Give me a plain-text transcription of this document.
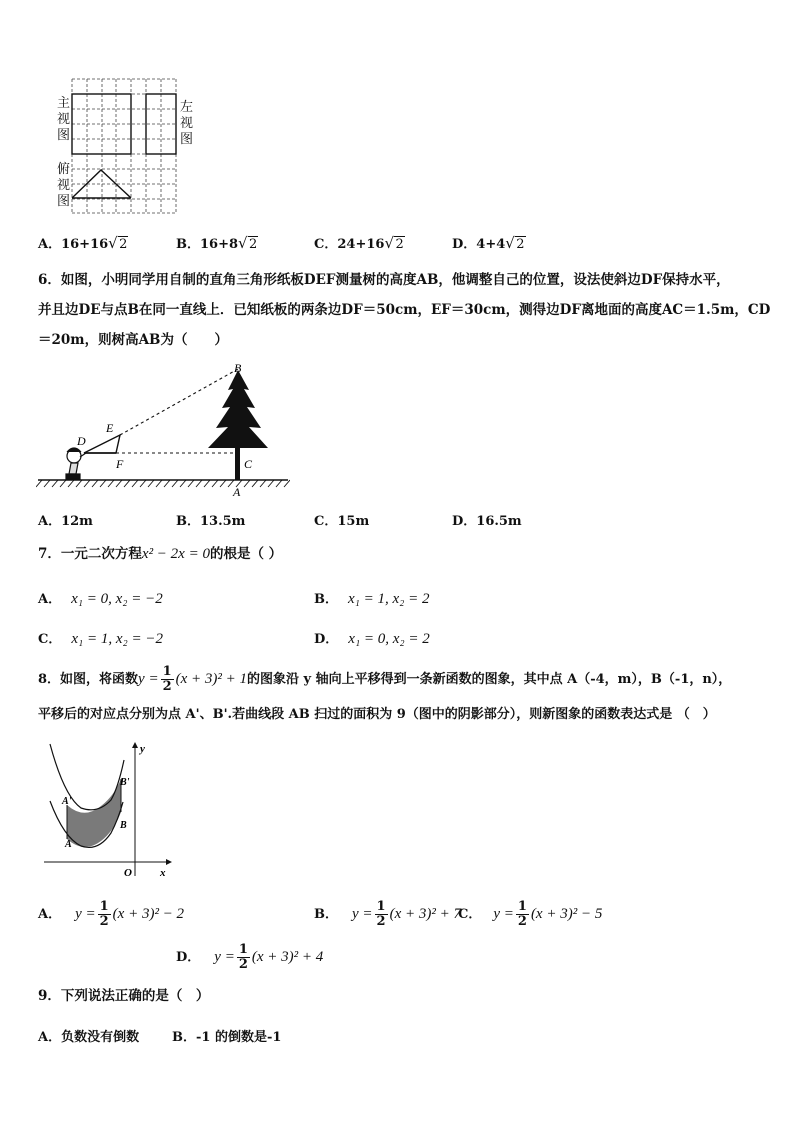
主视图
左视图
俯视图
A．16+16 √ 2	B．16+8 √ 2	C．24+16 √ 2	D．4+4 √ 2
6．如图，小明同学用自制的直角三角形纸板DEF测量树的高度AB，他调整自己的位置，设法使斜边DF保持水平，
并且边DE与点B在同一直线上．已知纸板的两条边DF＝50cm，EF＝30cm，测得边DF离地面的高度AC＝1.5m，CD
＝20m，则树高AB为（　　）
B
E
D
F	C
A
A．12m	B．13.5m	C．15m	D．16.5m
7．一元二次方程x² − 2x = 0的根是（ ）
A． x₁ = 0, x₂ = −2	B． x₁ = 1, x₂ = 2
C． x₁ = 1, x₂ = −2	D． x₁ = 0, x₂ = 2
8．如图，将函数$y = \frac{1}{2} (x + 3)^2 + 1$的图象沿 y 轴向上平移得到一条新函数的图象，其中点 A（-4，m），B（-1，n），
平移后的对应点分别为点 A'、B'.若曲线段 AB 扫过的面积为 9（图中的阴影部分），则新图象的函数表达式是 （　）
y
x
O
A'
A
B'
B
A． $y = \frac{1}{2} (x + 3)^2 - 2$	B． $y = \frac{1}{2} (x + 3)^2 + 7$
C． $y = \frac{1}{2} (x + 3)^2 - 5$
D． $y = \frac{1}{2} (x + 3)^2 + 4$
9．下列说法正确的是（　）
A．负数没有倒数	B．-1 的倒数是-1
